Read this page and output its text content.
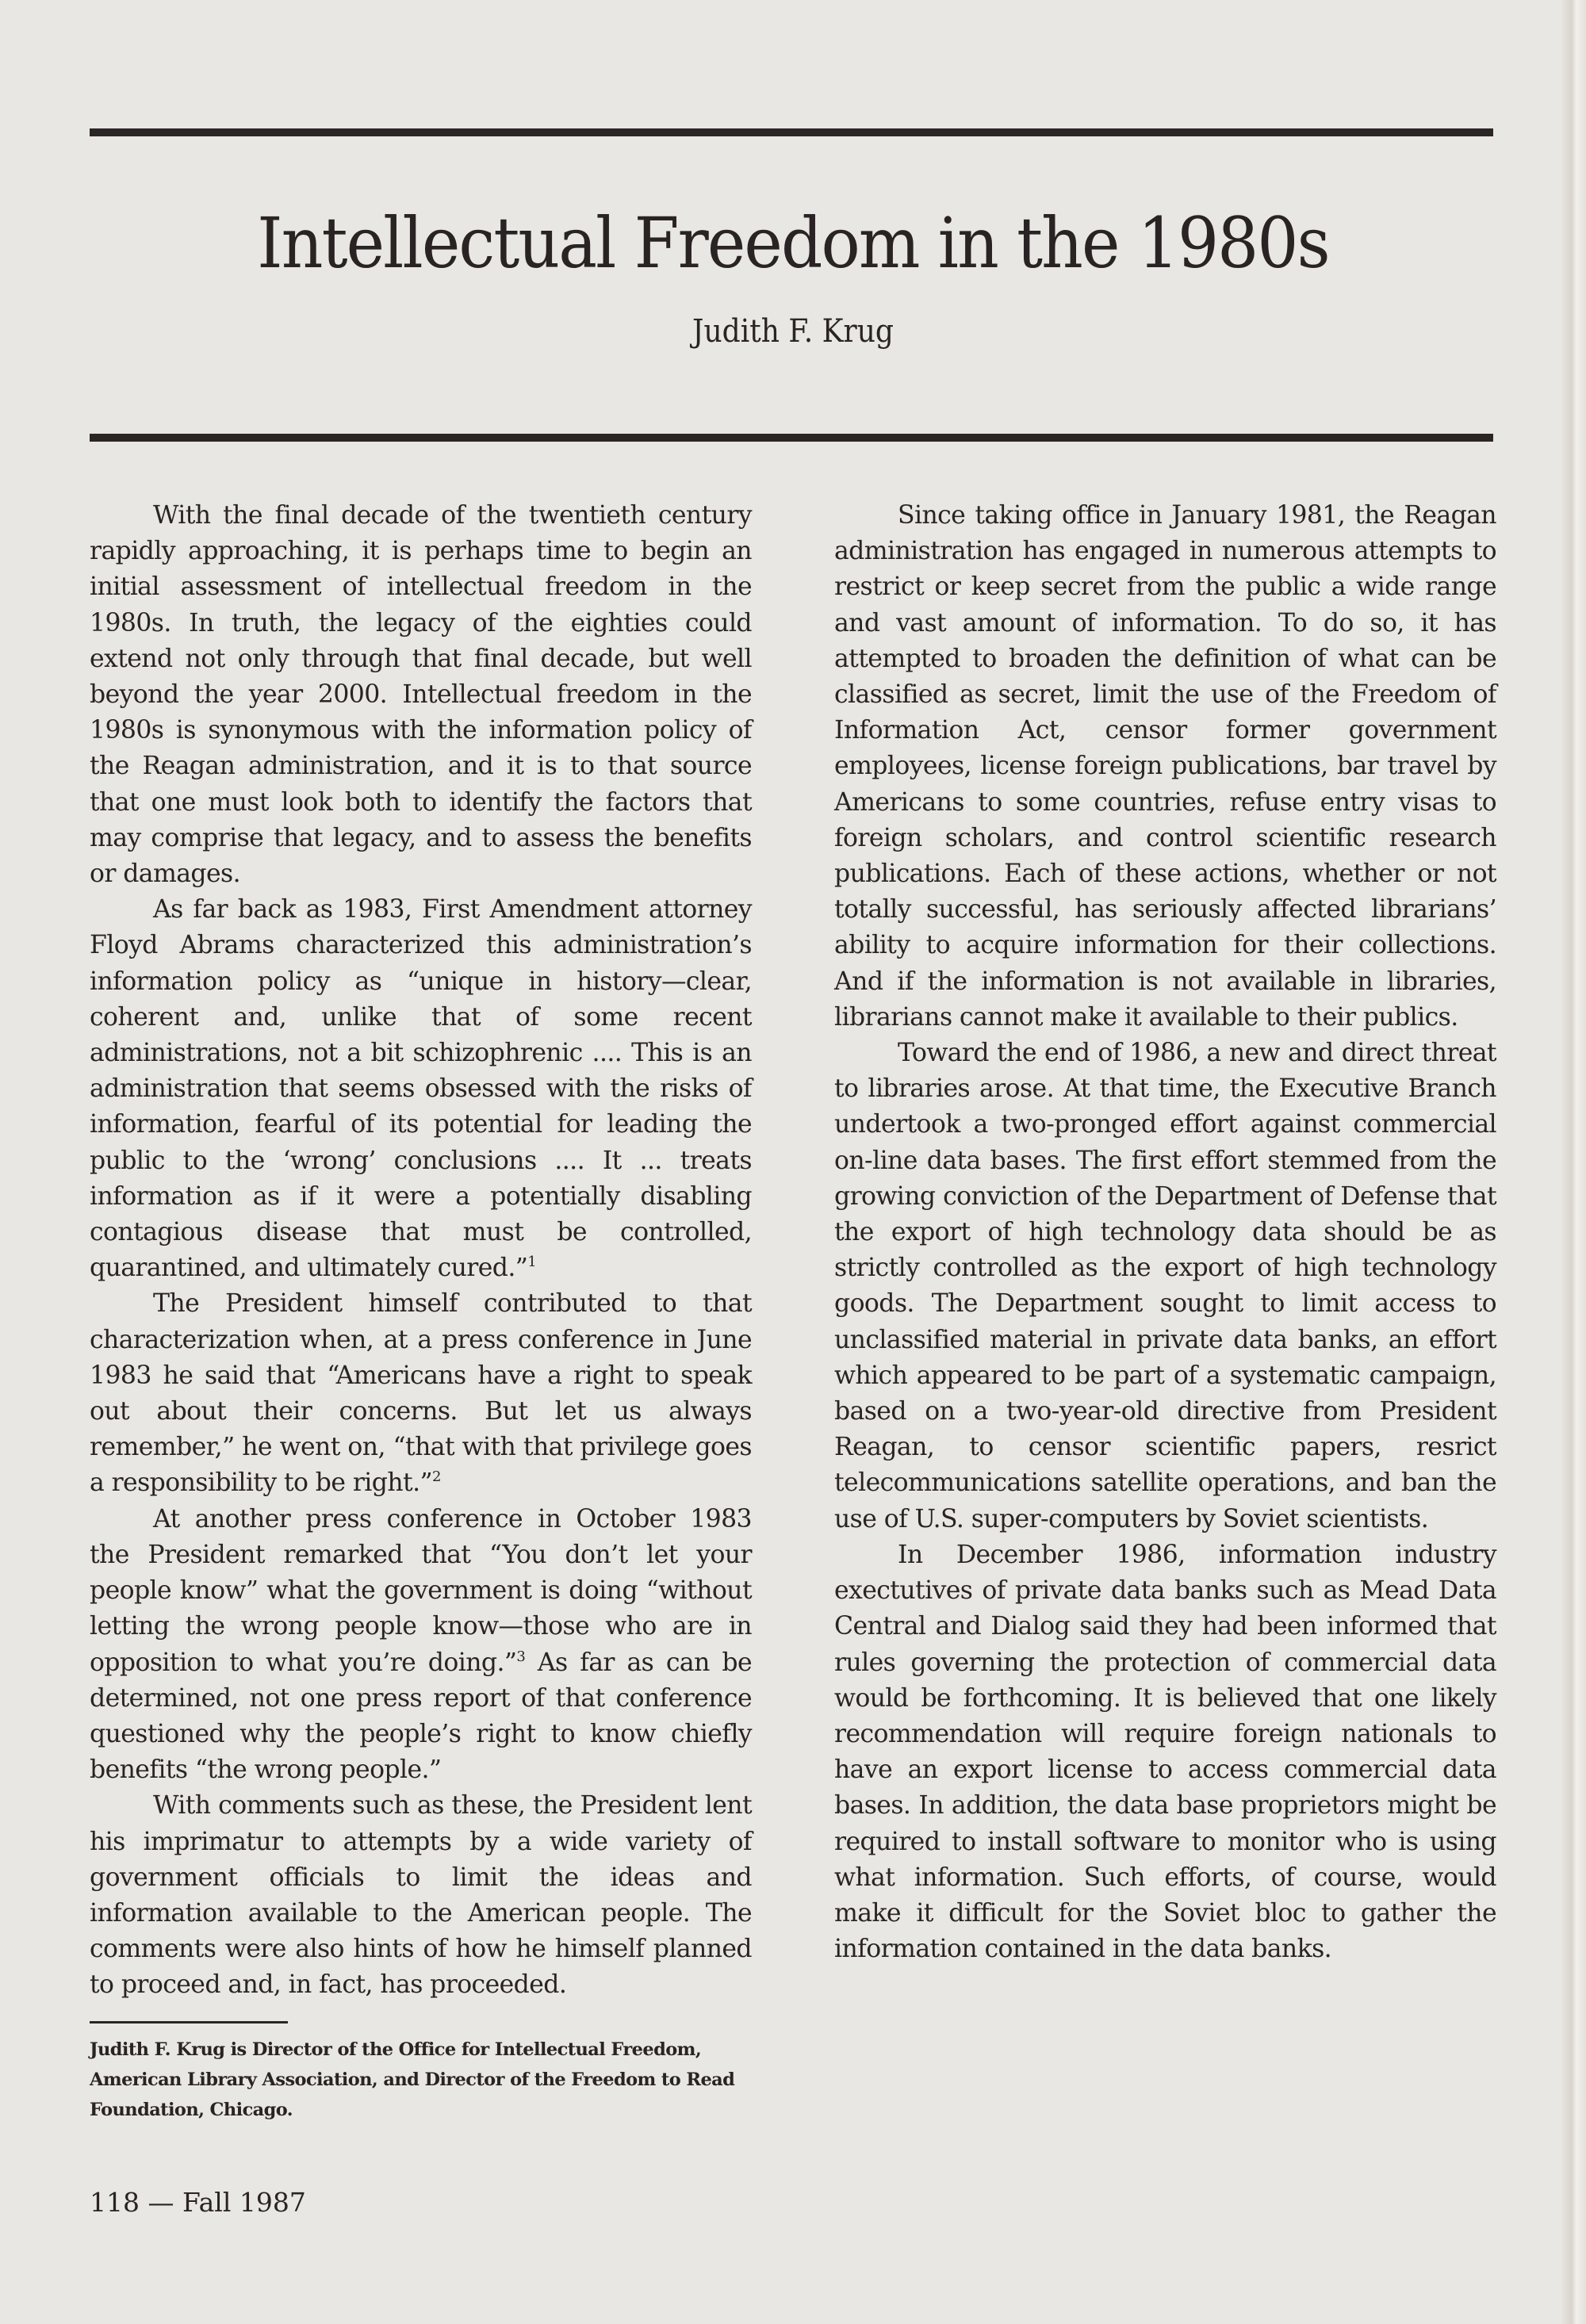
Intellectual Freedom in the 1980s

Judith F. Krug

With the final decade of the twentieth century rapidly approaching, it is perhaps time to begin an initial assessment of intellectual freedom in the 1980s. In truth, the legacy of the eighties could extend not only through that final decade, but well beyond the year 2000. Intellectual freedom in the 1980s is synonymous with the information policy of the Reagan administration, and it is to that source that one must look both to identify the factors that may comprise that legacy, and to assess the benefits or damages.

As far back as 1983, First Amendment attorney Floyd Abrams characterized this administration’s information policy as “unique in history—clear, coherent and, unlike that of some recent administrations, not a bit schizophrenic .... This is an administration that seems obsessed with the risks of information, fearful of its potential for leading the public to the ‘wrong’ conclusions .... It ... treats information as if it were a potentially disabling contagious disease that must be controlled, quarantined, and ultimately cured.”$^1$

The President himself contributed to that characterization when, at a press conference in June 1983 he said that “Americans have a right to speak out about their concerns. But let us always remember,” he went on, “that with that privilege goes a responsibility to be right.”$^2$

At another press conference in October 1983 the President remarked that “You don’t let your people know” what the government is doing “without letting the wrong people know—those who are in opposition to what you’re doing.”$^3$ As far as can be determined, not one press report of that conference questioned why the people’s right to know chiefly benefits “the wrong people.”

With comments such as these, the President lent his imprimatur to attempts by a wide variety of government officials to limit the ideas and information available to the American people. The comments were also hints of how he himself planned to proceed and, in fact, has proceeded.

Judith F. Krug is Director of the Office for Intellectual Freedom, American Library Association, and Director of the Freedom to Read Foundation, Chicago.

Since taking office in January 1981, the Reagan administration has engaged in numerous attempts to restrict or keep secret from the public a wide range and vast amount of information. To do so, it has attempted to broaden the definition of what can be classified as secret, limit the use of the Freedom of Information Act, censor former government employees, license foreign publications, bar travel by Americans to some countries, refuse entry visas to foreign scholars, and control scientific research publications. Each of these actions, whether or not totally successful, has seriously affected librarians’ ability to acquire information for their collections. And if the information is not available in libraries, librarians cannot make it available to their publics.

Toward the end of 1986, a new and direct threat to libraries arose. At that time, the Executive Branch undertook a two-pronged effort against commercial on-line data bases. The first effort stemmed from the growing conviction of the Department of Defense that the export of high technology data should be as strictly controlled as the export of high technology goods. The Department sought to limit access to unclassified material in private data banks, an effort which appeared to be part of a systematic campaign, based on a two-year-old directive from President Reagan, to censor scientific papers, resrict telecommunications satellite operations, and ban the use of U.S. super-computers by Soviet scientists.

In December 1986, information industry exectutives of private data banks such as Mead Data Central and Dialog said they had been informed that rules governing the protection of commercial data would be forthcoming. It is believed that one likely recommendation will require foreign nationals to have an export license to access commercial data bases. In addition, the data base proprietors might be required to install software to monitor who is using what information. Such efforts, of course, would make it difficult for the Soviet bloc to gather the information contained in the data banks.

118 — Fall 1987
